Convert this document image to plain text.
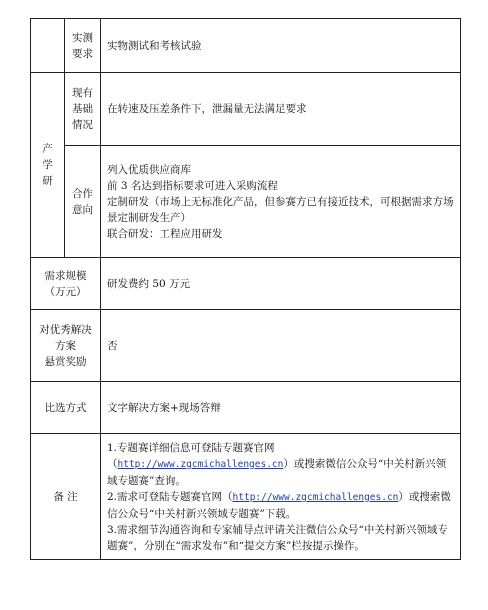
	实测
要求	实物测试和考核试验

产
学
研	现有
基础
情况	在转速及压差条件下，泄漏量无法满足要求

	合作
意向	列入优质供应商库
前 3 名达到指标要求可进入采购流程
定制研发（市场上无标准化产品，但参赛方已有接近技术，可根据需求方场景定制研发生产）
联合研发：工程应用研发

需求规模
（万元）		研发费约 50 万元

对优秀解决
方案
悬赏奖励		否
比选方式		文字解决方案+现场答辩
备 注		1.专题赛详细信息可登陆专题赛官网（http://www.zgcmichallenges.cn）或搜索微信公众号“中关村新兴领域专题赛”查询。

2.需求可登陆专题赛官网（http://www.zgcmichallenges.cn）或搜索微信公众号“中关村新兴领域专题赛”下载。

3.需求细节沟通咨询和专家辅导点评请关注微信公众号“中关村新兴领域专题赛”，分别在“需求发布”和“提交方案”栏按提示操作。
